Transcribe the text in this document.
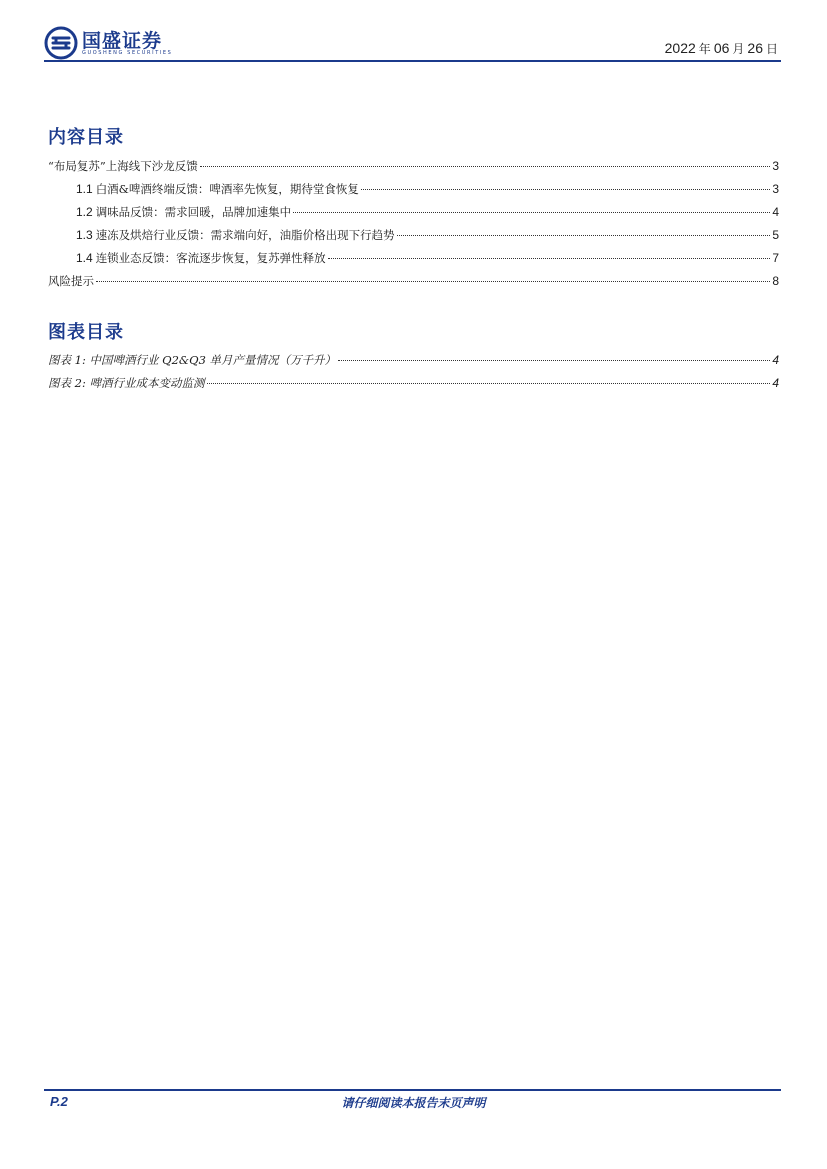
国盛证券
GUOSHENG SECURITIES	2022 年 06 月 26 日
内容目录
“布局复苏”上海线下沙龙反馈	3
1.1 白酒&啤酒终端反馈：啤酒率先恢复，期待堂食恢复	3
1.2 调味品反馈：需求回暖，品牌加速集中	4
1.3 速冻及烘焙行业反馈：需求端向好，油脂价格出现下行趋势	5
1.4 连锁业态反馈：客流逐步恢复，复苏弹性释放	7
风险提示	8
图表目录
图表 1: 中国啤酒行业 Q2&Q3 单月产量情况（万千升）	4
图表 2: 啤酒行业成本变动监测	4
P.2	请仔细阅读本报告末页声明
